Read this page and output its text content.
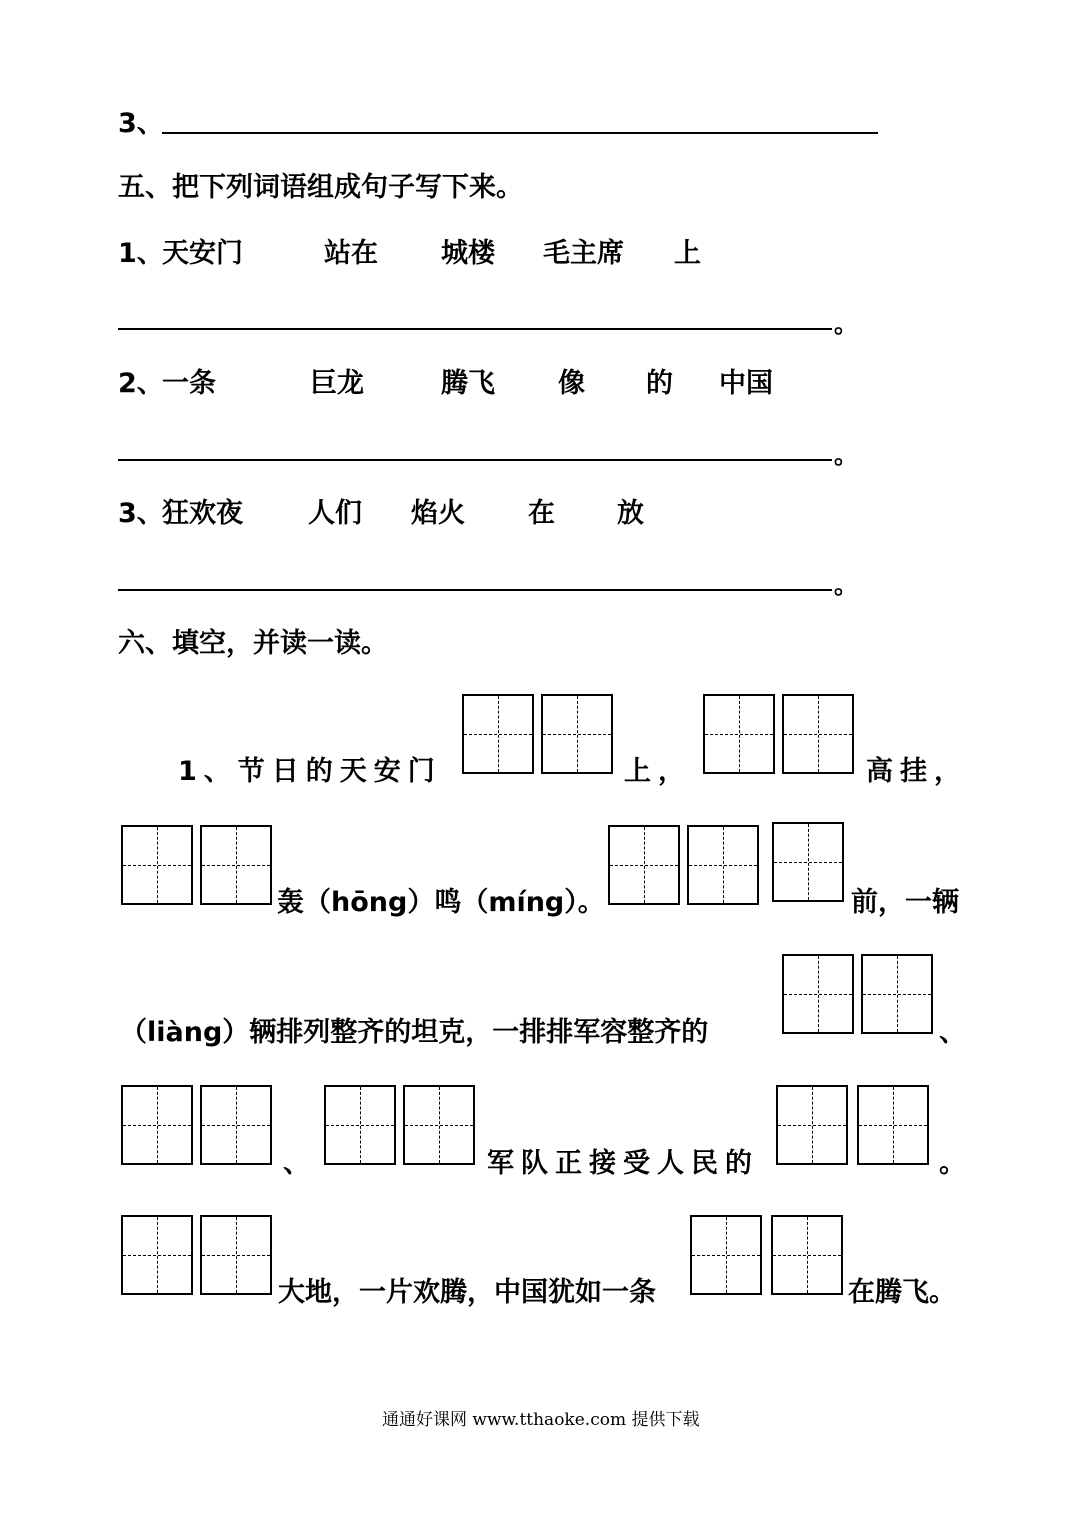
3、
五、把下列词语组成句子写下来。
1、
天安门	站在 城楼 毛主席 上
。
2、
一条	巨龙	腾飞 像 的 中国
。
3、
狂欢夜 人们 焰火 在 放
。
六、填空，并读一读。
1、节日的天安门	上，	高挂，
轰（hōng）鸣（míng）。	前，一辆
（liàng）辆排列整齐的坦克，一排排军容整齐的	、
、	军队正接受人民的	。
大地，一片欢腾，中国犹如一条	在腾飞。
通通好课网 www.tthaoke.com 提供下载
